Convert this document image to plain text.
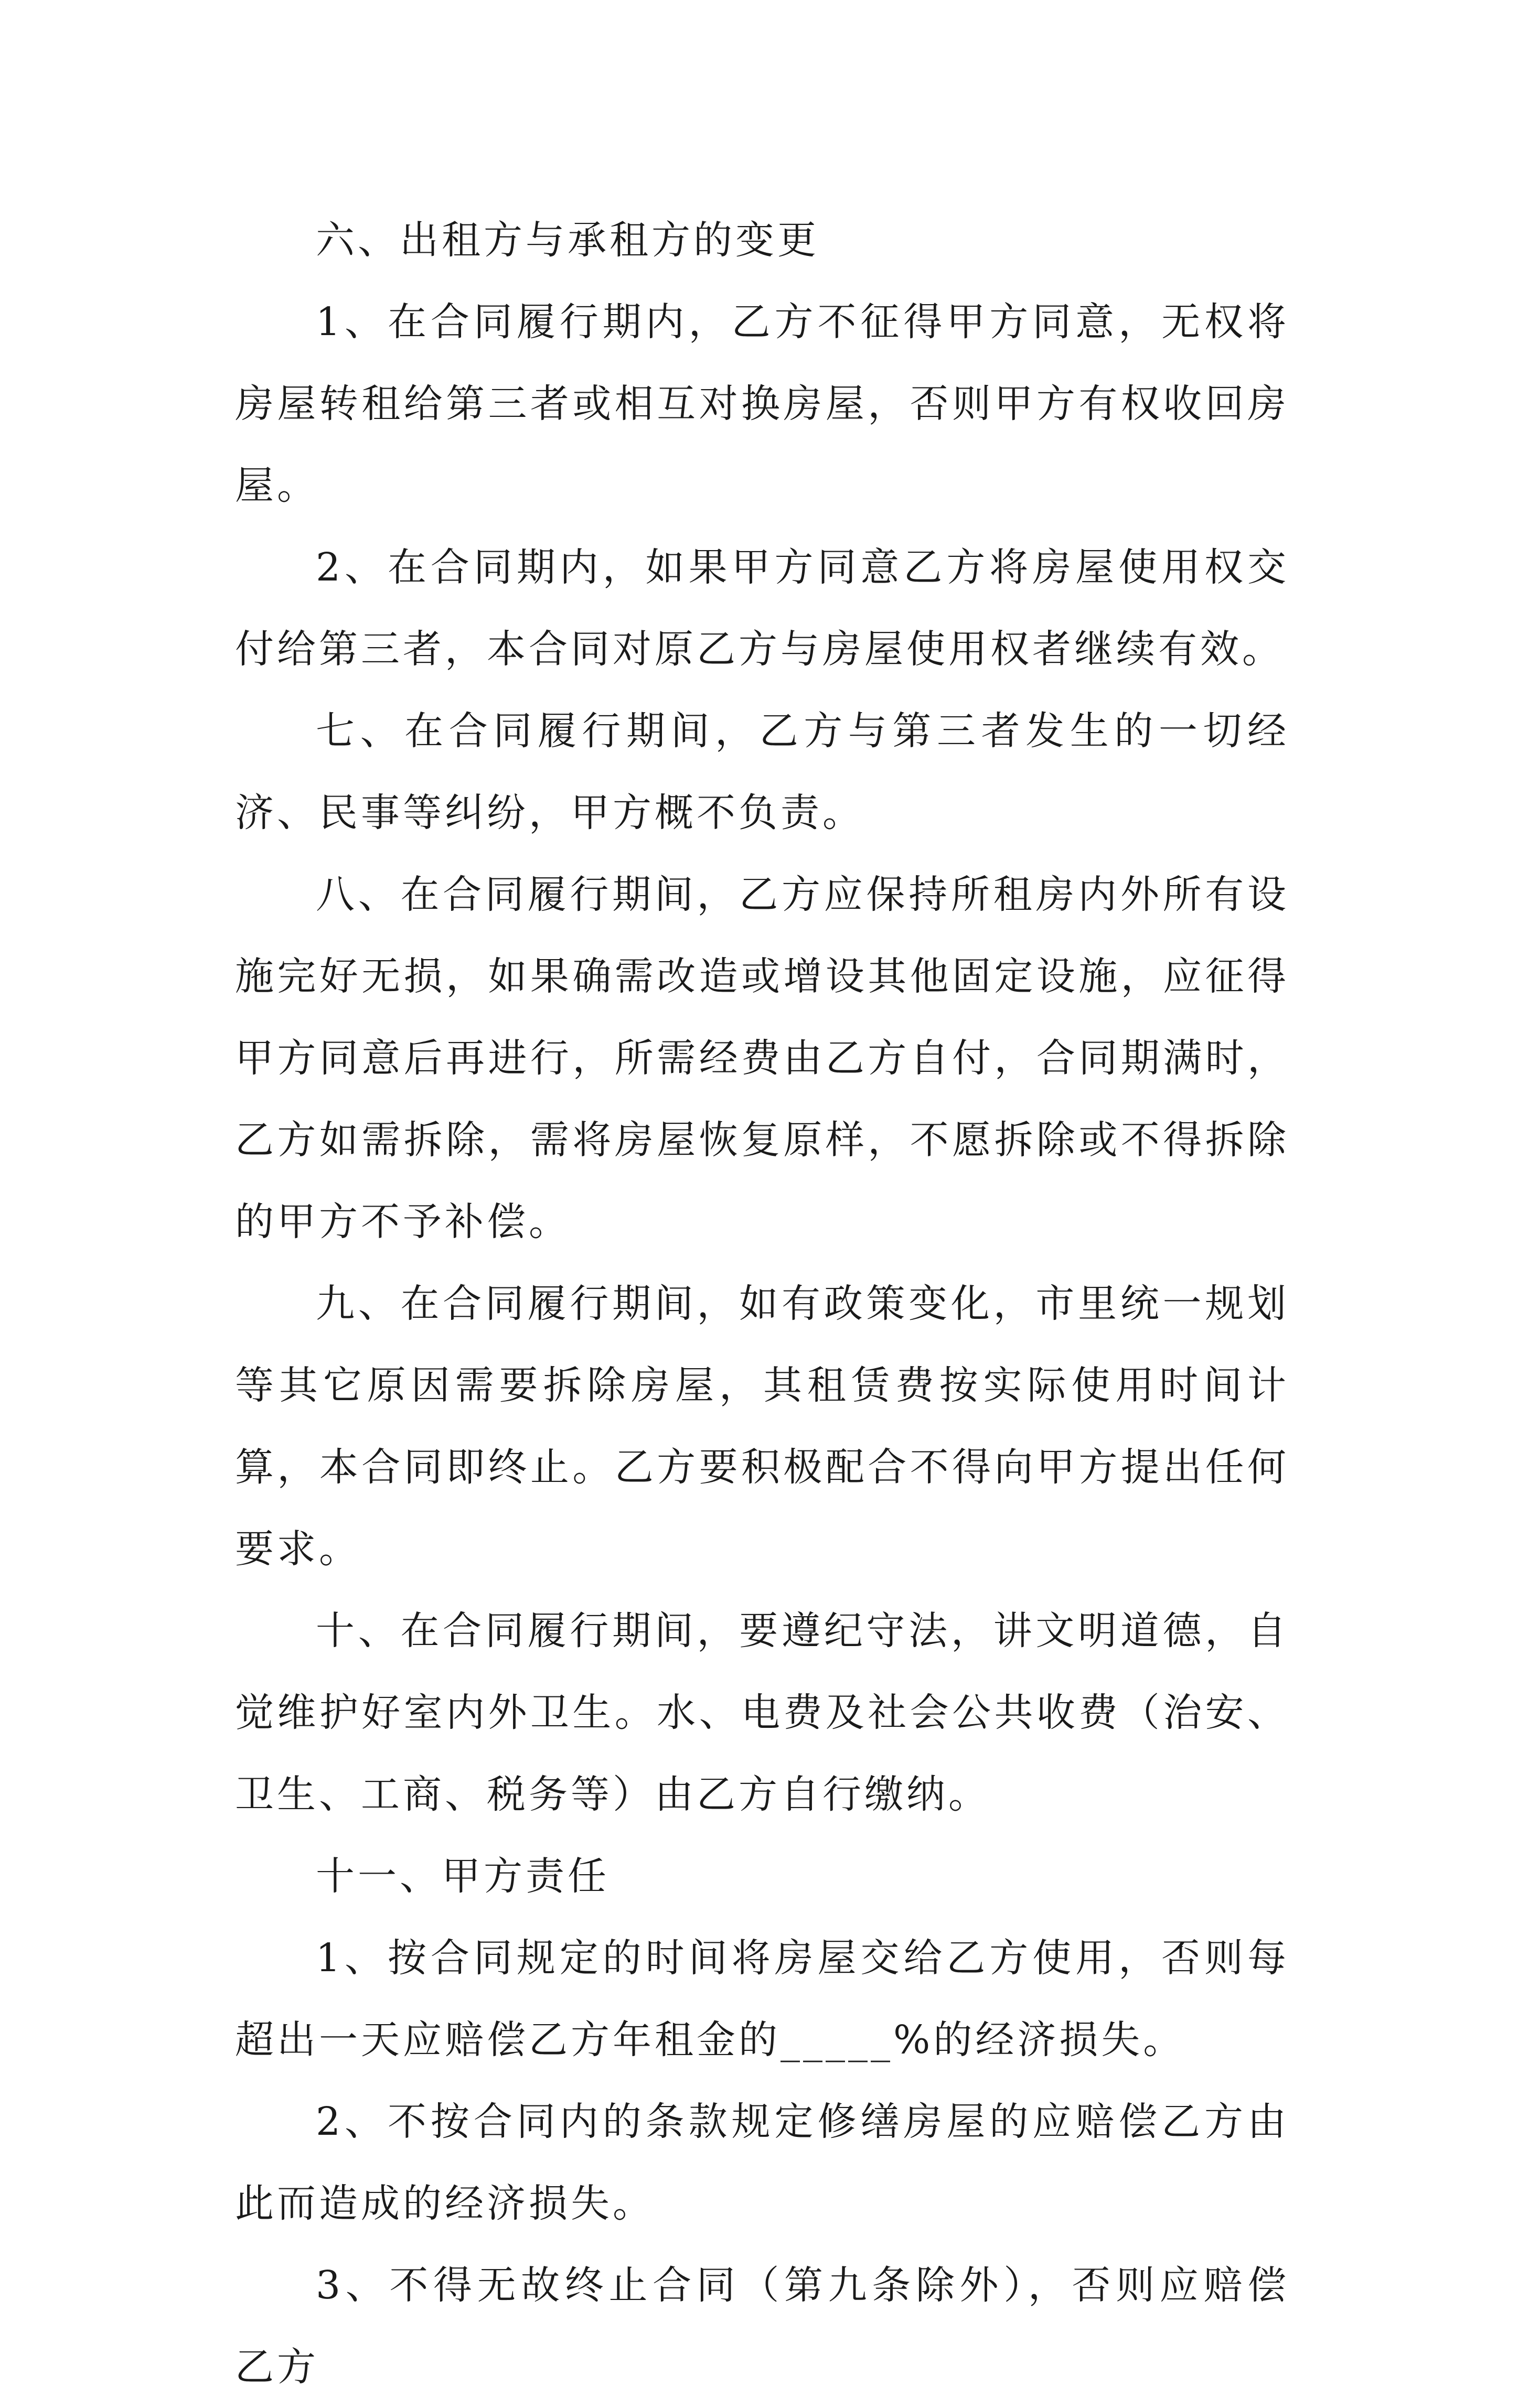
六、出租方与承租方的变更

1、在合同履行期内，乙方不征得甲方同意，无权将房屋转租给第三者或相互对换房屋，否则甲方有权收回房屋。

2、在合同期内，如果甲方同意乙方将房屋使用权交付给第三者，本合同对原乙方与房屋使用权者继续有效。

七、在合同履行期间，乙方与第三者发生的一切经济、民事等纠纷，甲方概不负责。

八、在合同履行期间，乙方应保持所租房内外所有设施完好无损，如果确需改造或增设其他固定设施，应征得甲方同意后再进行，所需经费由乙方自付，合同期满时，乙方如需拆除，需将房屋恢复原样，不愿拆除或不得拆除的甲方不予补偿。

九、在合同履行期间，如有政策变化，市里统一规划等其它原因需要拆除房屋，其租赁费按实际使用时间计算，本合同即终止。乙方要积极配合不得向甲方提出任何要求。

十、在合同履行期间，要遵纪守法，讲文明道德，自觉维护好室内外卫生。水、电费及社会公共收费（治安、卫生、工商、税务等）由乙方自行缴纳。

十一、甲方责任

1、按合同规定的时间将房屋交给乙方使用，否则每超出一天应赔偿乙方年租金的_____%的经济损失。

2、不按合同内的条款规定修缮房屋的应赔偿乙方由此而造成的经济损失。

3、不得无故终止合同（第九条除外），否则应赔偿乙方
